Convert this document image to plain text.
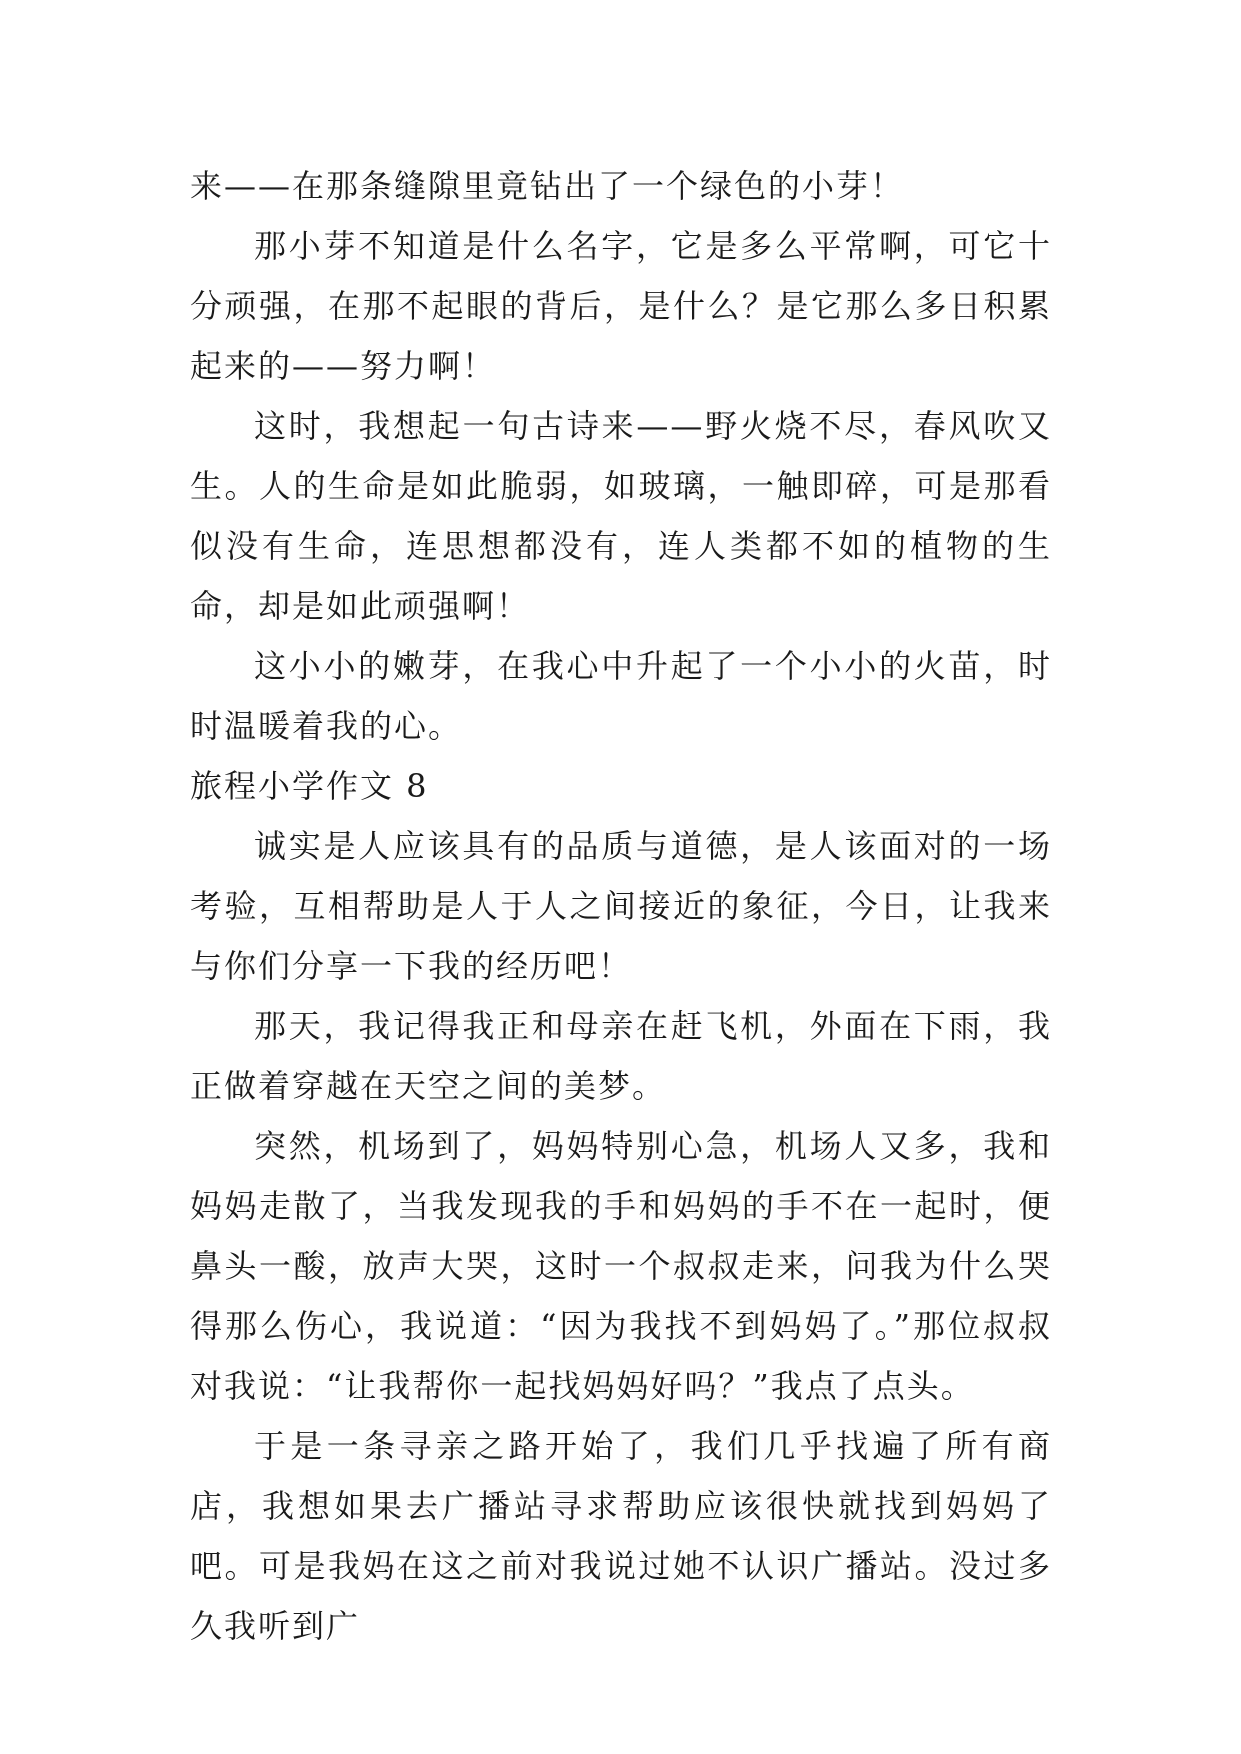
来——在那条缝隙里竟钻出了一个绿色的小芽！

那小芽不知道是什么名字，它是多么平常啊，可它十分顽强，在那不起眼的背后，是什么？是它那么多日积累起来的——努力啊！

这时，我想起一句古诗来——野火烧不尽，春风吹又生。人的生命是如此脆弱，如玻璃，一触即碎，可是那看似没有生命，连思想都没有，连人类都不如的植物的生命，却是如此顽强啊！

这小小的嫩芽，在我心中升起了一个小小的火苗，时时温暖着我的心。

旅程小学作文 8

诚实是人应该具有的品质与道德，是人该面对的一场考验，互相帮助是人于人之间接近的象征，今日，让我来与你们分享一下我的经历吧！

那天，我记得我正和母亲在赶飞机，外面在下雨，我正做着穿越在天空之间的美梦。

突然，机场到了，妈妈特别心急，机场人又多，我和妈妈走散了，当我发现我的手和妈妈的手不在一起时，便鼻头一酸，放声大哭，这时一个叔叔走来，问我为什么哭得那么伤心，我说道：“因为我找不到妈妈了。”那位叔叔对我说：“让我帮你一起找妈妈好吗？”我点了点头。

于是一条寻亲之路开始了，我们几乎找遍了所有商店，我想如果去广播站寻求帮助应该很快就找到妈妈了吧。可是我妈在这之前对我说过她不认识广播站。没过多久我听到广
